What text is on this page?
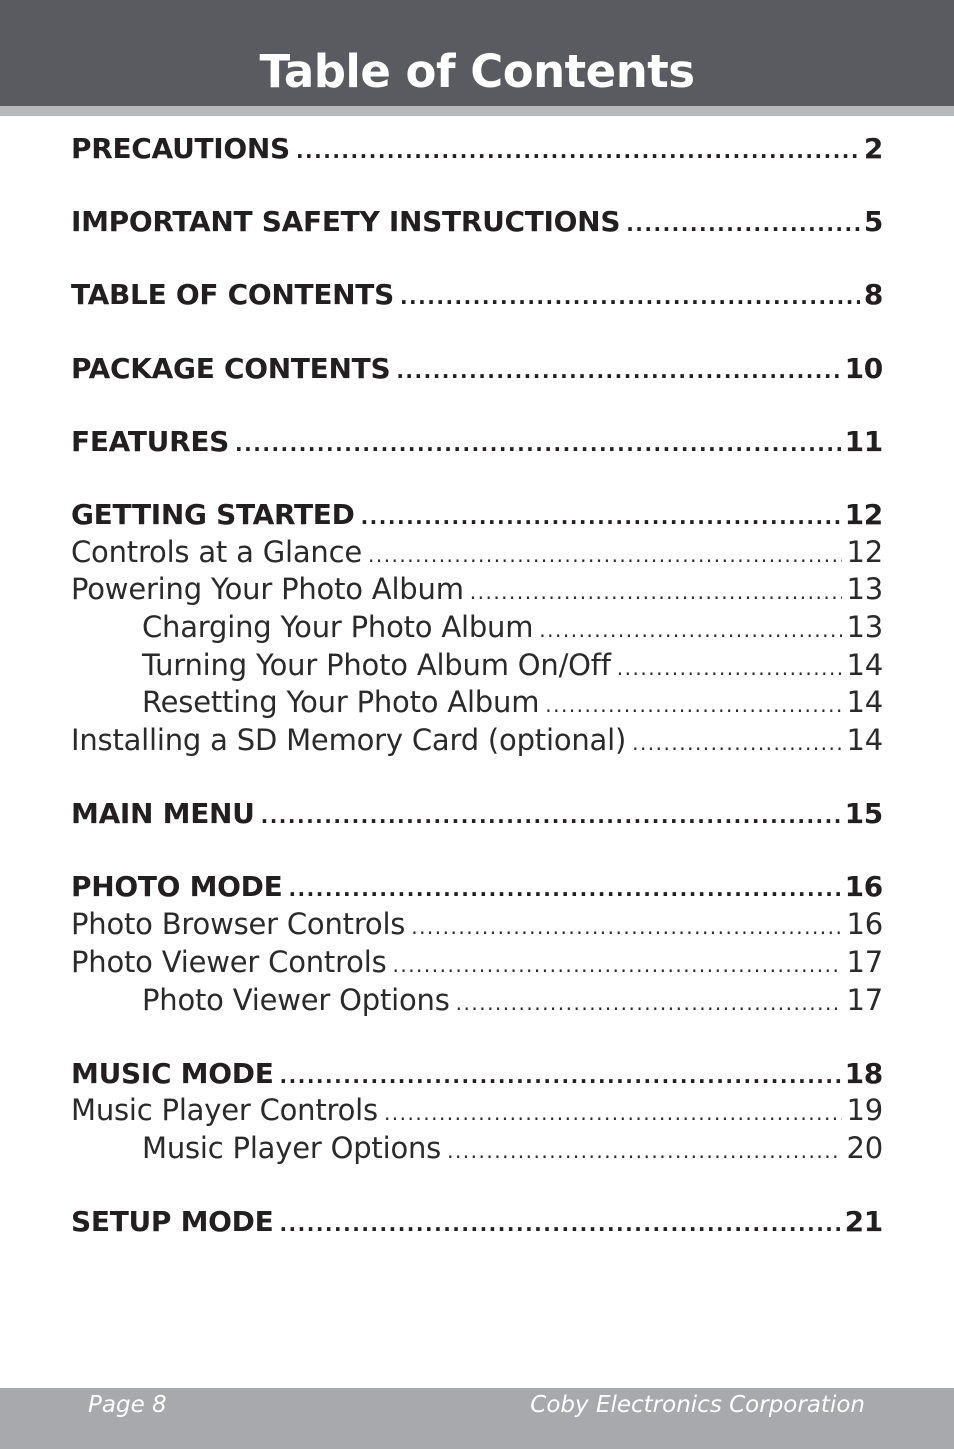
Table of Contents
PRECAUTIONS .....	2
IMPORTANT SAFETY INSTRUCTIONS .....	5
TABLE OF CONTENTS .....	8
PACKAGE CONTENTS .....	10
FEATURES .....	11
GETTING STARTED .....	12
Controls at a Glance .....	12
Powering Your Photo Album .....	13
Charging Your Photo Album .....	13
Turning Your Photo Album On/Off .....	14
Resetting Your Photo Album .....	14
Installing a SD Memory Card (optional) .....	14
MAIN MENU .....	15
PHOTO MODE .....	16
Photo Browser Controls .....	16
Photo Viewer Controls .....	17
Photo Viewer Options .....	17
MUSIC MODE .....	18
Music Player Controls .....	19
Music Player Options .....	20
SETUP MODE .....	21
Page 8	Coby Electronics Corporation
